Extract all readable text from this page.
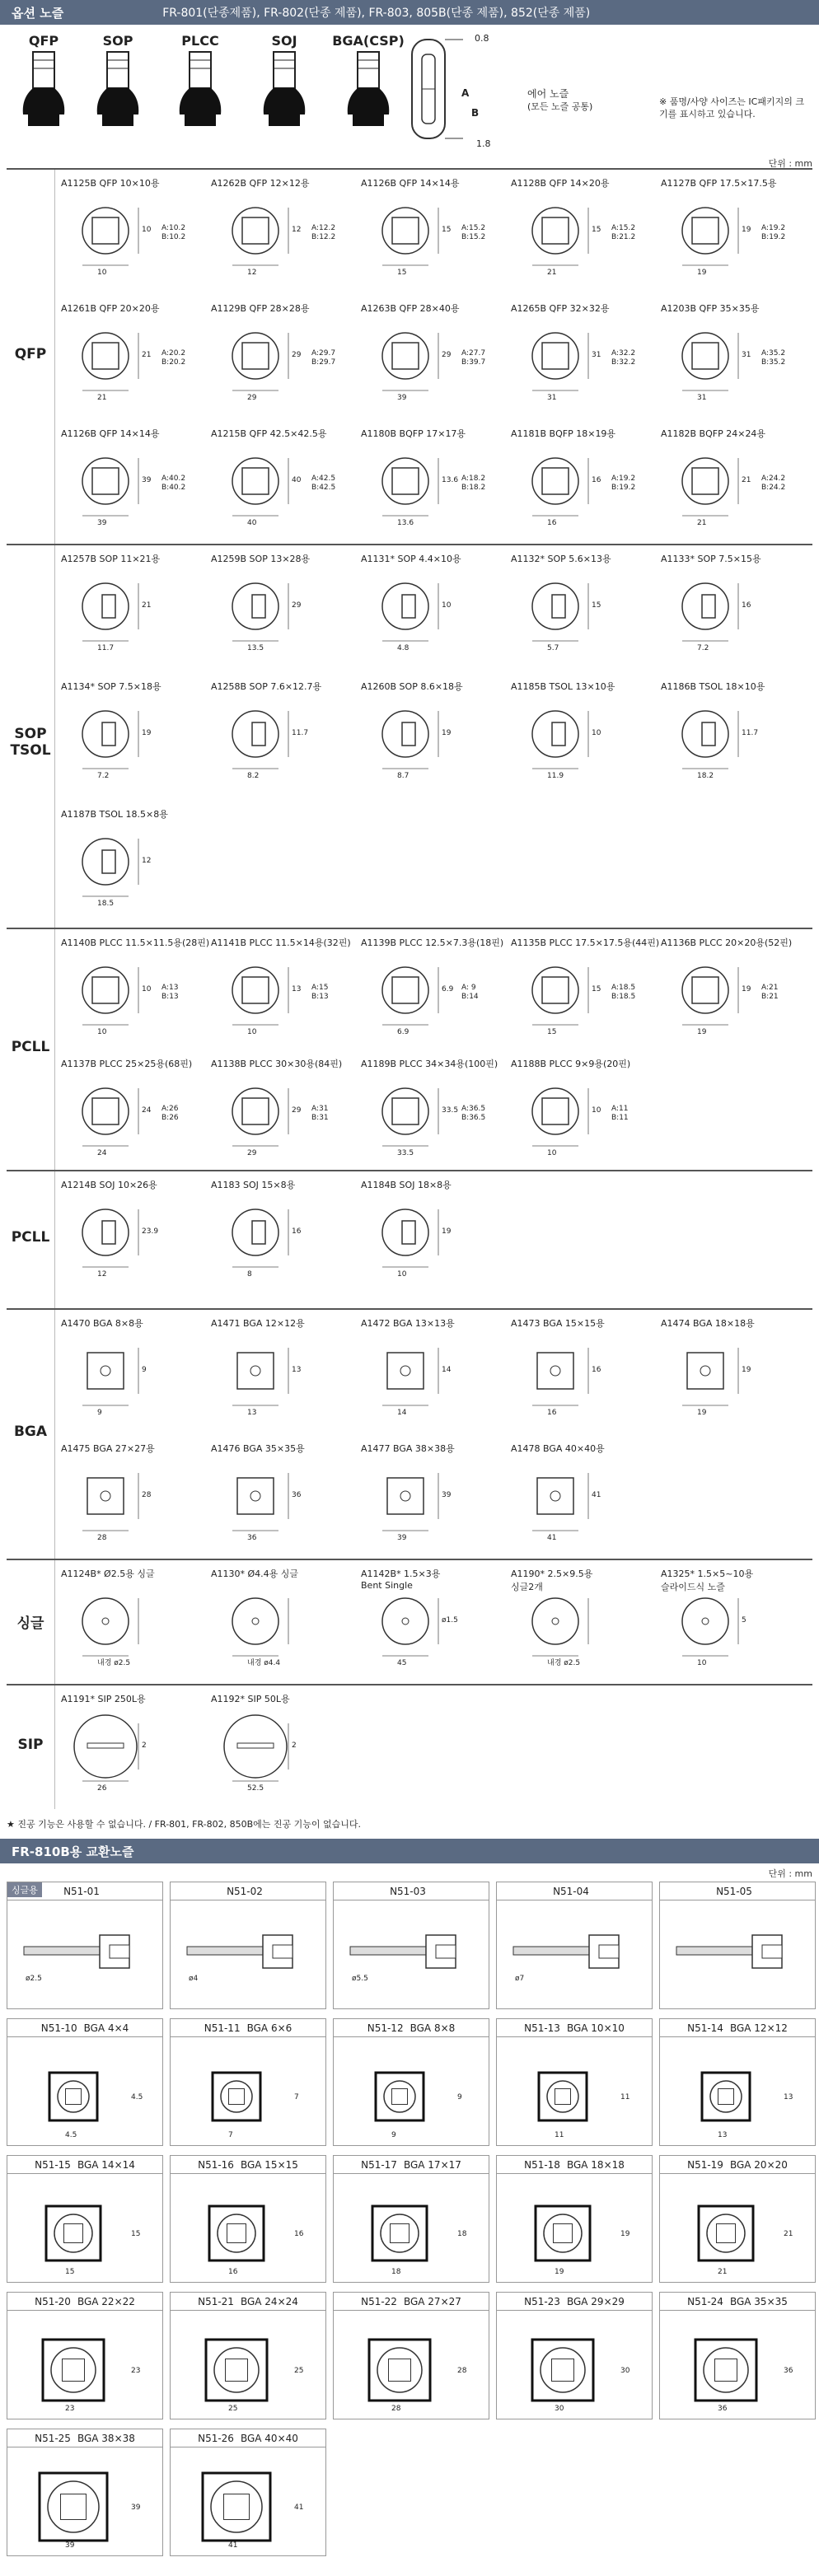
옵션 노즐	FR-801(단종제품), FR-802(단종 제품), FR-803, 805B(단종 제품), 852(단종 제품)
QFP	SOP	PLCC	SOJ	BGA(CSP)	0.8
1.8
A
B
에어 노즐
(모든 노즐 공통)	※ 품명/사양 사이즈는 IC패키지의 크기를 표시하고 있습니다.
단위 : mm
QFP
A1125B QFP 10×10용
10
10 A:10.2
B:10.2
A1262B QFP 12×12용
12
12 A:12.2
B:12.2
A1126B QFP 14×14용
15
15 A:15.2
B:15.2
A1128B QFP 14×20용
21
15 A:15.2
B:21.2
A1127B QFP 17.5×17.5용
19
19 A:19.2
B:19.2
A1261B QFP 20×20용
21
21 A:20.2
B:20.2
A1129B QFP 28×28용
29
29 A:29.7
B:29.7
A1263B QFP 28×40용
39
29 A:27.7
B:39.7
A1265B QFP 32×32용
31
31 A:32.2
B:32.2
A1203B QFP 35×35용
31
31 A:35.2
B:35.2
A1126B QFP 14×14용
39
39 A:40.2
B:40.2
A1215B QFP 42.5×42.5용
40
40 A:42.5
B:42.5
A1180B BQFP 17×17용
13.6
13.6 A:18.2
B:18.2
A1181B BQFP 18×19용
16
16 A:19.2
B:19.2
A1182B BQFP 24×24용
21
21 A:24.2
B:24.2
SOP
TSOL
A1257B SOP 11×21용
11.7
21
A1259B SOP 13×28용
13.5
29
A1131* SOP 4.4×10용
4.8
10
A1132* SOP 5.6×13용
5.7
15
A1133* SOP 7.5×15용
7.2
16
A1134* SOP 7.5×18용
7.2
19
A1258B SOP 7.6×12.7용
8.2
11.7
A1260B SOP 8.6×18용
8.7
19
A1185B TSOL 13×10용
11.9
10
A1186B TSOL 18×10용
18.2
11.7
A1187B TSOL 18.5×8용
18.5
12
PCLL
A1140B PLCC 11.5×11.5용(28핀)
10
10 A:13
B:13
A1141B PLCC 11.5×14용(32핀)
10
13 A:15
B:13
A1139B PLCC 12.5×7.3용(18핀)
6.9
6.9 A: 9
B:14
A1135B PLCC 17.5×17.5용(44핀)
15
15 A:18.5
B:18.5
A1136B PLCC 20×20용(52핀)
19
19 A:21
B:21
A1137B PLCC 25×25용(68핀)
24
24 A:26
B:26
A1138B PLCC 30×30용(84핀)
29
29 A:31
B:31
A1189B PLCC 34×34용(100핀)
33.5
33.5 A:36.5
B:36.5
A1188B PLCC 9×9용(20핀)
10
10 A:11
B:11
PCLL
A1214B SOJ 10×26용
12
23.9
A1183 SOJ 15×8용
8
16
A1184B SOJ 18×8용
10
19
BGA
A1470 BGA 8×8용
9
9
A1471 BGA 12×12용
13
13
A1472 BGA 13×13용
14
14
A1473 BGA 15×15용
16
16
A1474 BGA 18×18용
19
19
A1475 BGA 27×27용
28
28
A1476 BGA 35×35용
36
36
A1477 BGA 38×38용
39
39
A1478 BGA 40×40용
41
41
싱글
A1124B* Ø2.5용 싱글
내경 ø2.5
A1130* Ø4.4용 싱글
내경 ø4.4
A1142B* 1.5×3용
Bent Single
45
ø1.5
A1190* 2.5×9.5용
싱글2개
내경 ø2.5
A1325* 1.5×5~10용
슬라이드식 노즐
10
5
SIP
A1191* SIP 250L용
26
2
A1192* SIP 50L용
52.5
2
★ 진공 기능은 사용할 수 없습니다. / FR-801, FR-802, 850B에는 진공 기능이 없습니다.
FR-810B용 교환노즐
단위 : mm
N51-01
ø2.5
싱글용	N51-02
ø4
N51-03
ø5.5
N51-04
ø7
N51-05
N51-10 BGA 4×4
4.5
4.5
N51-11 BGA 6×6
7
7
N51-12 BGA 8×8
9
9
N51-13 BGA 10×10
11
11
N51-14 BGA 12×12
13
13
N51-15 BGA 14×14
15
15
N51-16 BGA 15×15
16
16
N51-17 BGA 17×17
18
18
N51-18 BGA 18×18
19
19
N51-19 BGA 20×20
21
21
N51-20 BGA 22×22
23
23
N51-21 BGA 24×24
25
25
N51-22 BGA 27×27
28
28
N51-23 BGA 29×29
30
30
N51-24 BGA 35×35
36
36
N51-25 BGA 38×38
39
39
N51-26 BGA 40×40
41
41
